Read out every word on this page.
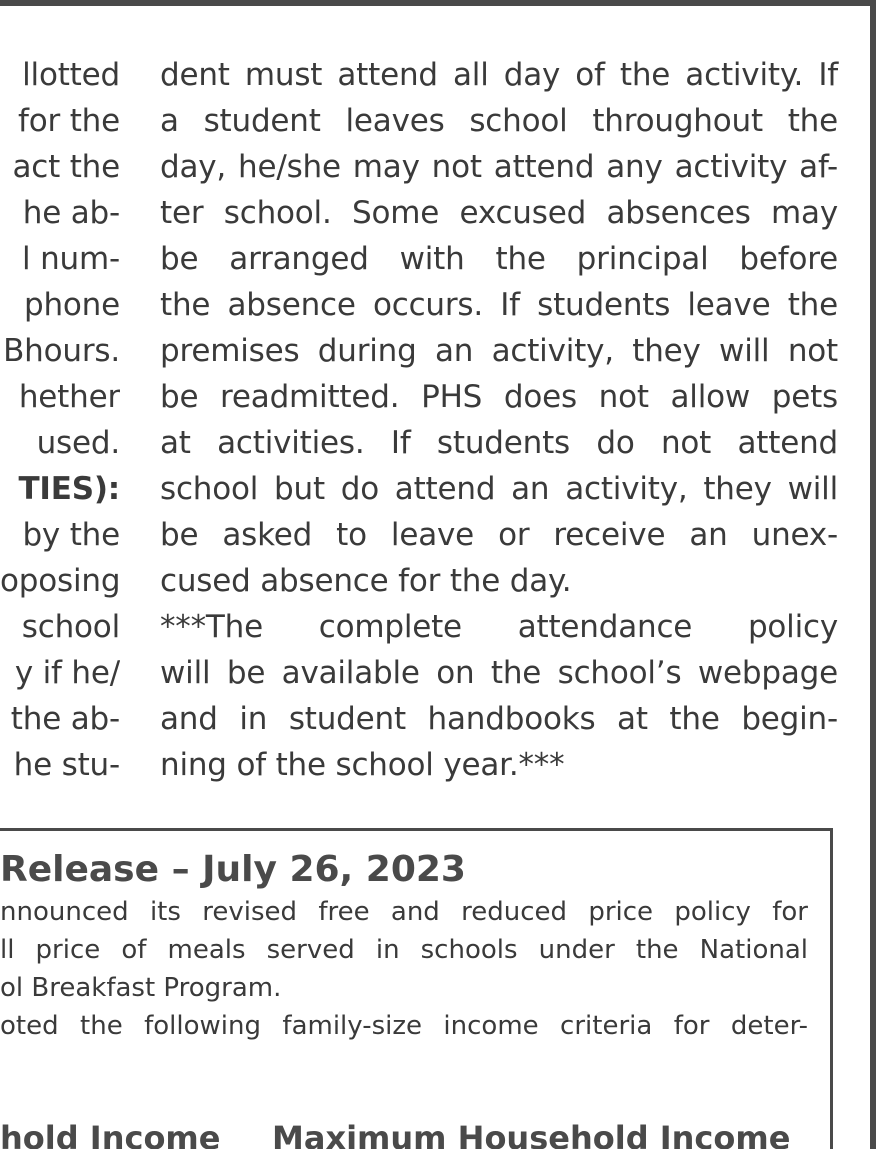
llotted
for the
act the
he ab-
l num-
phone
Bhours.
hether
used.
TIES):
by the
oposing
school
y if he/
the ab-
he stu-
dent must attend all day of the activity. If
a student leaves school throughout the
day, he/she may not attend any activity af-
ter school. Some excused absences may
be arranged with the principal before
the absence occurs. If students leave the
premises during an activity, they will not
be readmitted. PHS does not allow pets
at activities. If students do not attend
school but do attend an activity, they will
be asked to leave or receive an unex-
cused absence for the day.
***The complete attendance policy
will be available on the school’s webpage
and in student handbooks at the begin-
ning of the school year.***
Release – July 26, 2023
nnounced its revised free and reduced price policy for
ll price of meals served in schools under the National
ol Breakfast Program.
oted the following family-size income criteria for deter-
hold Income Maximum Household Income
